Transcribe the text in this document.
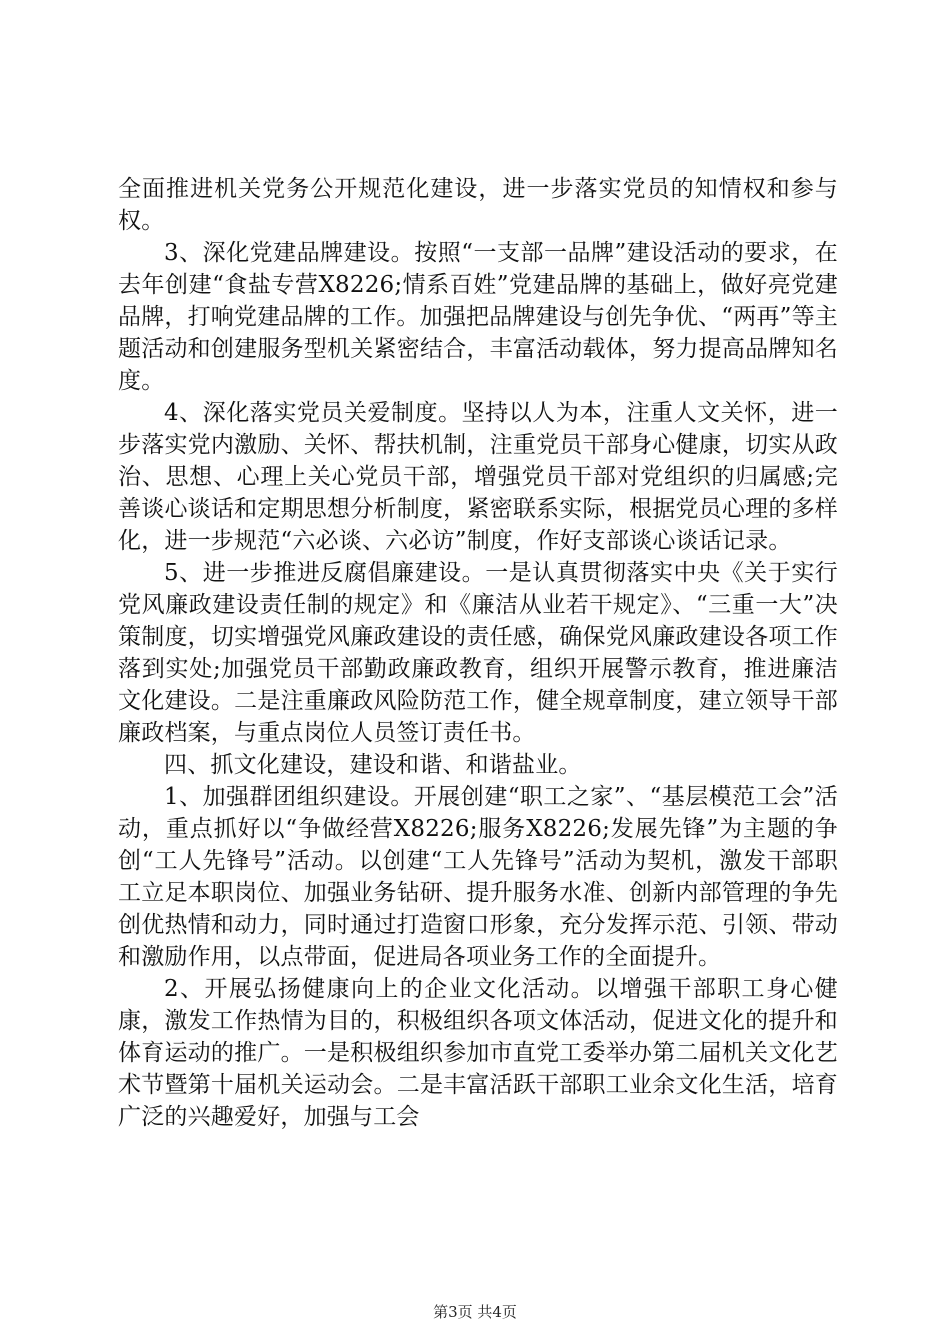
全面推进机关党务公开规范化建设，进一步落实党员的知情权和参与权。

3、深化党建品牌建设。按照“一支部一品牌”建设活动的要求，在去年创建“食盐专营X8226;情系百姓”党建品牌的基础上，做好亮党建品牌，打响党建品牌的工作。加强把品牌建设与创先争优、“两再”等主题活动和创建服务型机关紧密结合，丰富活动载体，努力提高品牌知名度。

4、深化落实党员关爱制度。坚持以人为本，注重人文关怀，进一步落实党内激励、关怀、帮扶机制，注重党员干部身心健康，切实从政治、思想、心理上关心党员干部，增强党员干部对党组织的归属感;完善谈心谈话和定期思想分析制度，紧密联系实际，根据党员心理的多样化，进一步规范“六必谈、六必访”制度，作好支部谈心谈话记录。

5、进一步推进反腐倡廉建设。一是认真贯彻落实中央《关于实行党风廉政建设责任制的规定》和《廉洁从业若干规定》、“三重一大”决策制度，切实增强党风廉政建设的责任感，确保党风廉政建设各项工作落到实处;加强党员干部勤政廉政教育，组织开展警示教育，推进廉洁文化建设。二是注重廉政风险防范工作，健全规章制度，建立领导干部廉政档案，与重点岗位人员签订责任书。

四、抓文化建设，建设和谐、和谐盐业。

1、加强群团组织建设。开展创建“职工之家”、“基层模范工会”活动，重点抓好以“争做经营X8226;服务X8226;发展先锋”为主题的争创“工人先锋号”活动。以创建“工人先锋号”活动为契机，激发干部职工立足本职岗位、加强业务钻研、提升服务水准、创新内部管理的争先创优热情和动力，同时通过打造窗口形象，充分发挥示范、引领、带动和激励作用，以点带面，促进局各项业务工作的全面提升。

2、开展弘扬健康向上的企业文化活动。以增强干部职工身心健康，激发工作热情为目的，积极组织各项文体活动，促进文化的提升和体育运动的推广。一是积极组织参加市直党工委举办第二届机关文化艺术节暨第十届机关运动会。二是丰富活跃干部职工业余文化生活，培育广泛的兴趣爱好，加强与工会

第3页 共4页
